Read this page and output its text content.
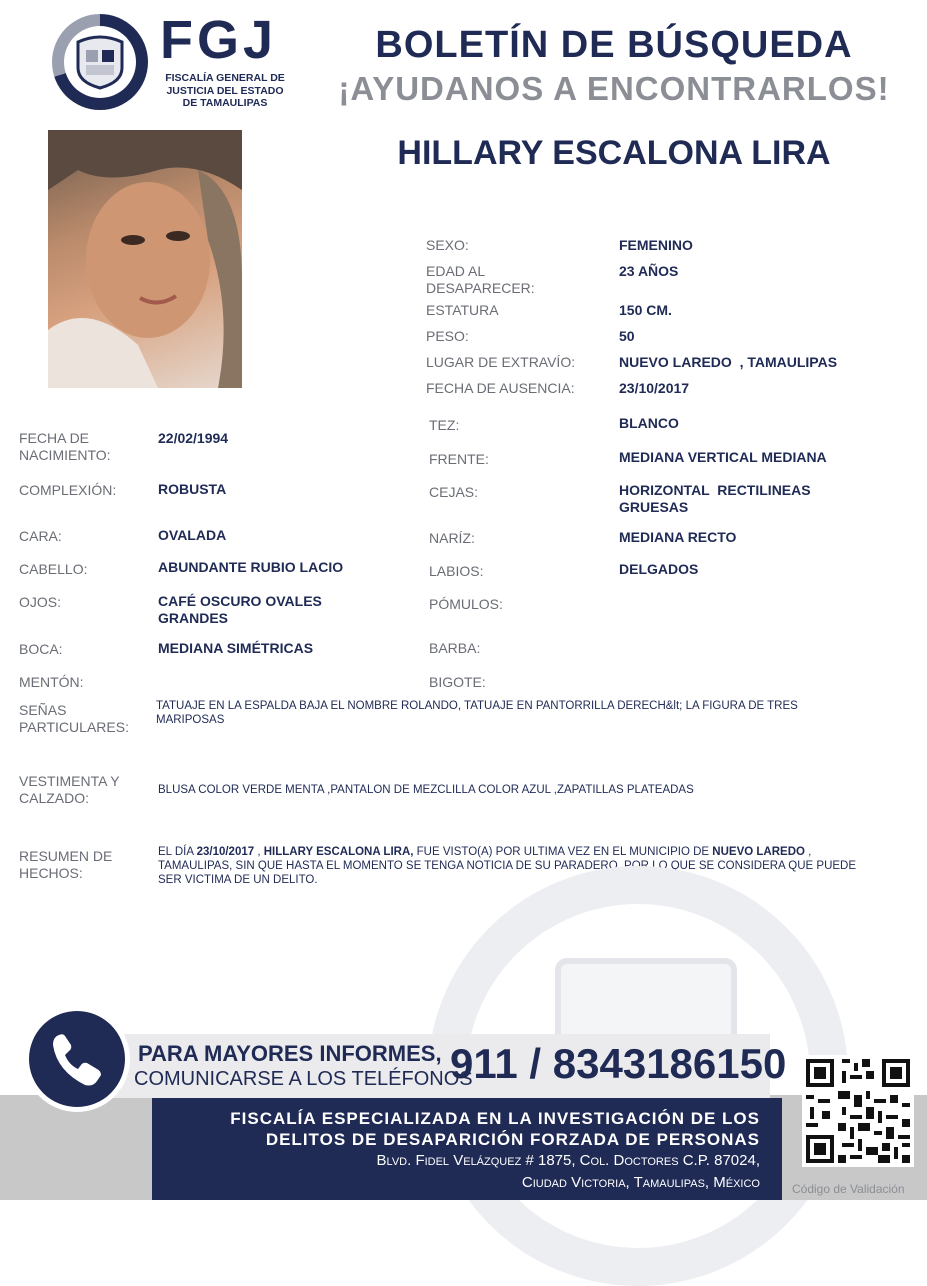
FGJ
FISCALÍA GENERAL DE JUSTICIA DEL ESTADO DE TAMAULIPAS
BOLETÍN DE BÚSQUEDA
¡AYUDANOS A ENCONTRARLOS!
HILLARY ESCALONA LIRA
SEXO:	FEMENINO
EDAD AL DESAPARECER:
23 AÑOS
ESTATURA	150 CM.
PESO:	50
LUGAR DE EXTRAVÍO:	NUEVO LAREDO  , TAMAULIPAS
FECHA DE AUSENCIA:	23/10/2017
FECHA DE NACIMIENTO:
22/02/1994
COMPLEXIÓN:	ROBUSTA
CARA:	OVALADA
CABELLO:	ABUNDANTE RUBIO LACIO
OJOS:	CAFÉ OSCURO OVALES GRANDES
BOCA:	MEDIANA SIMÉTRICAS
MENTÓN:
TEZ:	BLANCO
FRENTE:	MEDIANA VERTICAL MEDIANA
CEJAS:	HORIZONTAL  RECTILINEAS GRUESAS
NARÍZ:	MEDIANA RECTO
LABIOS:	DELGADOS
PÓMULOS:
BARBA:
BIGOTE:
SEÑAS PARTICULARES:
TATUAJE EN LA ESPALDA BAJA EL NOMBRE ROLANDO, TATUAJE EN PANTORRILLA DERECH&lt; LA FIGURA DE TRES MARIPOSAS
VESTIMENTA Y CALZADO:	BLUSA COLOR VERDE MENTA ,PANTALON DE MEZCLILLA COLOR AZUL ,ZAPATILLAS PLATEADAS
RESUMEN DE HECHOS:
EL DÍA 23/10/2017 , HILLARY ESCALONA LIRA, FUE VISTO(A) POR ULTIMA VEZ EN EL MUNICIPIO DE NUEVO LAREDO , TAMAULIPAS, SIN QUE HASTA EL MOMENTO SE TENGA NOTICIA DE SU PARADERO, POR LO QUE SE CONSIDERA QUE PUEDE SER VICTIMA DE UN DELITO.
PARA MAYORES INFORMES,
COMUNICARSE A LOS TELÉFONOS
911 / 8343186150
FISCALÍA ESPECIALIZADA EN LA INVESTIGACIÓN DE LOS
DELITOS DE DESAPARICIÓN FORZADA DE PERSONAS
Blvd. Fidel Velázquez # 1875, Col. Doctores C.P. 87024,
Ciudad Victoria, Tamaulipas, México	Código de Validación
